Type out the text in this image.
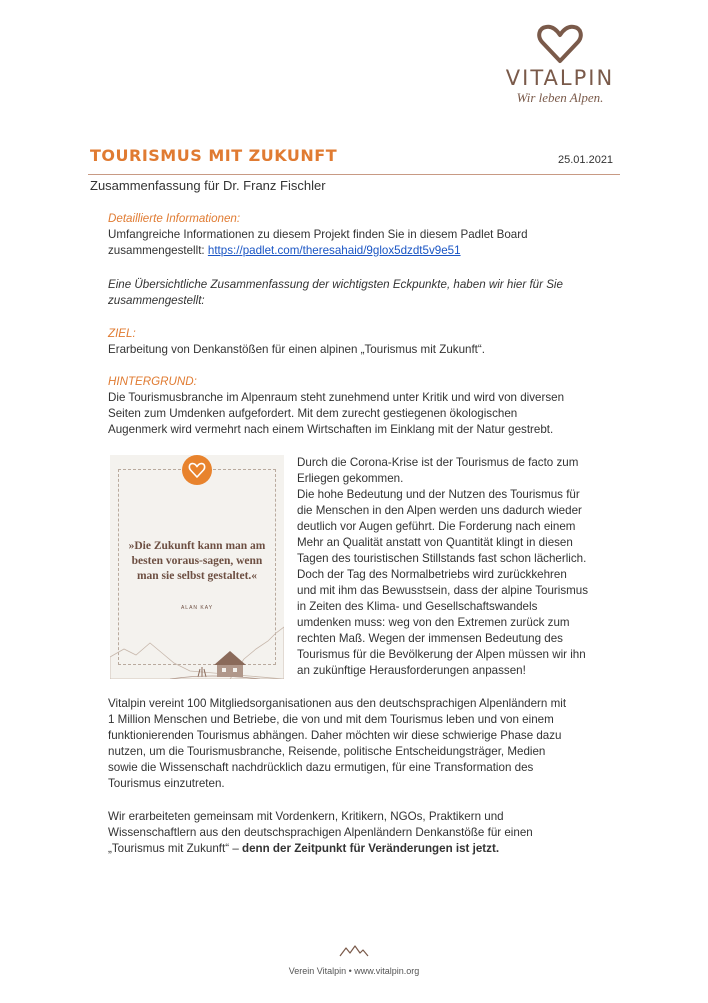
VITALPIN
Wir leben Alpen.
TOURISMUS MIT ZUKUNFT	25.01.2021
Zusammenfassung für Dr. Franz Fischler
Detaillierte Informationen:
Umfangreiche Informationen zu diesem Projekt finden Sie in diesem Padlet Board
zusammengestellt: https://padlet.com/theresahaid/9glox5dzdt5v9e51
Eine Übersichtliche Zusammenfassung der wichtigsten Eckpunkte, haben wir hier für Sie
zusammengestellt:
ZIEL:
Erarbeitung von Denkanstößen für einen alpinen „Tourismus mit Zukunft“.
HINTERGRUND:
Die Tourismusbranche im Alpenraum steht zunehmend unter Kritik und wird von diversen
Seiten zum Umdenken aufgefordert. Mit dem zurecht gestiegenen ökologischen
Augenmerk wird vermehrt nach einem Wirtschaften im Einklang mit der Natur gestrebt.
»Die Zukunft kann man am besten voraus-sagen, wenn man sie selbst gestaltet.«
ALAN KAY
Durch die Corona-Krise ist der Tourismus de facto zum
Erliegen gekommen.
Die hohe Bedeutung und der Nutzen des Tourismus für
die Menschen in den Alpen werden uns dadurch wieder
deutlich vor Augen geführt. Die Forderung nach einem
Mehr an Qualität anstatt von Quantität klingt in diesen
Tagen des touristischen Stillstands fast schon lächerlich.
Doch der Tag des Normalbetriebs wird zurückkehren
und mit ihm das Bewusstsein, dass der alpine Tourismus
in Zeiten des Klima- und Gesellschaftswandels
umdenken muss: weg von den Extremen zurück zum
rechten Maß. Wegen der immensen Bedeutung des
Tourismus für die Bevölkerung der Alpen müssen wir ihn
an zukünftige Herausforderungen anpassen!
Vitalpin vereint 100 Mitgliedsorganisationen aus den deutschsprachigen Alpenländern mit
1 Million Menschen und Betriebe, die von und mit dem Tourismus leben und von einem
funktionierenden Tourismus abhängen. Daher möchten wir diese schwierige Phase dazu
nutzen, um die Tourismusbranche, Reisende, politische Entscheidungsträger, Medien
sowie die Wissenschaft nachdrücklich dazu ermutigen, für eine Transformation des
Tourismus einzutreten.
Wir erarbeiteten gemeinsam mit Vordenkern, Kritikern, NGOs, Praktikern und
Wissenschaftlern aus den deutschsprachigen Alpenländern Denkanstöße für einen
„Tourismus mit Zukunft“ – denn der Zeitpunkt für Veränderungen ist jetzt.
Verein Vitalpin • www.vitalpin.org
